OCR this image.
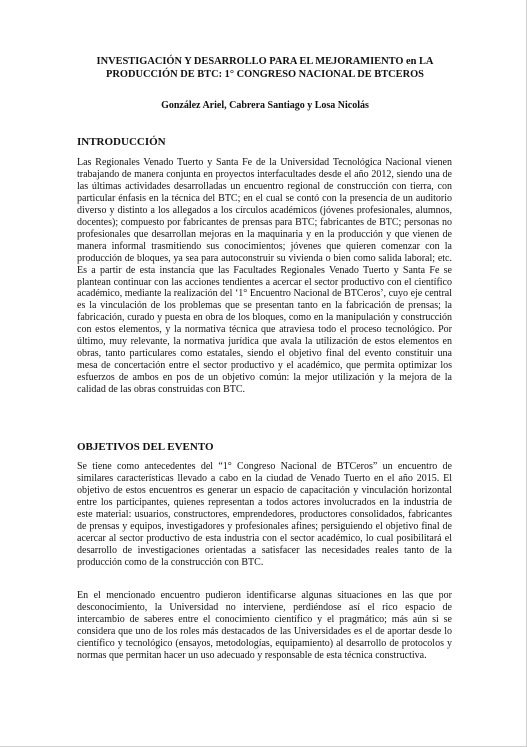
INVESTIGACIÓN Y DESARROLLO PARA EL MEJORAMIENTO en LA PRODUCCIÓN DE BTC: 1° CONGRESO NACIONAL DE BTCEROS

González Ariel, Cabrera Santiago y Losa Nicolás

INTRODUCCIÓN

Las Regionales Venado Tuerto y Santa Fe de la Universidad Tecnológica Nacional vienen trabajando de manera conjunta en proyectos interfacultades desde el año 2012, siendo una de las últimas actividades desarrolladas un encuentro regional de construcción con tierra, con particular énfasis en la técnica del BTC; en el cual se contó con la presencia de un auditorio diverso y distinto a los allegados a los círculos académicos (jóvenes profesionales, alumnos, docentes); compuesto por fabricantes de prensas para BTC; fabricantes de BTC; personas no profesionales que desarrollan mejoras en la maquinaria y en la producción y que vienen de manera informal trasmitiendo sus conocimientos; jóvenes que quieren comenzar con la producción de bloques, ya sea para autoconstruir su vivienda o bien como salida laboral; etc. Es a partir de esta instancia que las Facultades Regionales Venado Tuerto y Santa Fe se plantean continuar con las acciones tendientes a acercar el sector productivo con el científico académico, mediante la realización del ‘1° Encuentro Nacional de BTCeros’, cuyo eje central es la vinculación de los problemas que se presentan tanto en la fabricación de prensas; la fabricación, curado y puesta en obra de los bloques, como en la manipulación y construcción con estos elementos, y la normativa técnica que atraviesa todo el proceso tecnológico. Por último, muy relevante, la normativa jurídica que avala la utilización de estos elementos en obras, tanto particulares como estatales, siendo el objetivo final del evento constituir una mesa de concertación entre el sector productivo y el académico, que permita optimizar los esfuerzos de ambos en pos de un objetivo común: la mejor utilización y la mejora de la calidad de las obras construidas con BTC.

OBJETIVOS DEL EVENTO

Se tiene como antecedentes del “1° Congreso Nacional de BTCeros” un encuentro de similares características llevado a cabo en la ciudad de Venado Tuerto en el año 2015. El objetivo de estos encuentros es generar un espacio de capacitación y vinculación horizontal entre los participantes, quienes representan a todos actores involucrados en la industria de este material: usuarios, constructores, emprendedores, productores consolidados, fabricantes de prensas y equipos, investigadores y profesionales afines; persiguiendo el objetivo final de acercar al sector productivo de esta industria con el sector académico, lo cual posibilitará el desarrollo de investigaciones orientadas a satisfacer las necesidades reales tanto de la producción como de la construcción con BTC.

En el mencionado encuentro pudieron identificarse algunas situaciones en las que por desconocimiento, la Universidad no interviene, perdiéndose así el rico espacio de intercambio de saberes entre el conocimiento científico y el pragmático; más aún si se considera que uno de los roles más destacados de las Universidades es el de aportar desde lo científico y tecnológico (ensayos, metodologías, equipamiento) al desarrollo de protocolos y normas que permitan hacer un uso adecuado y responsable de esta técnica constructiva.
